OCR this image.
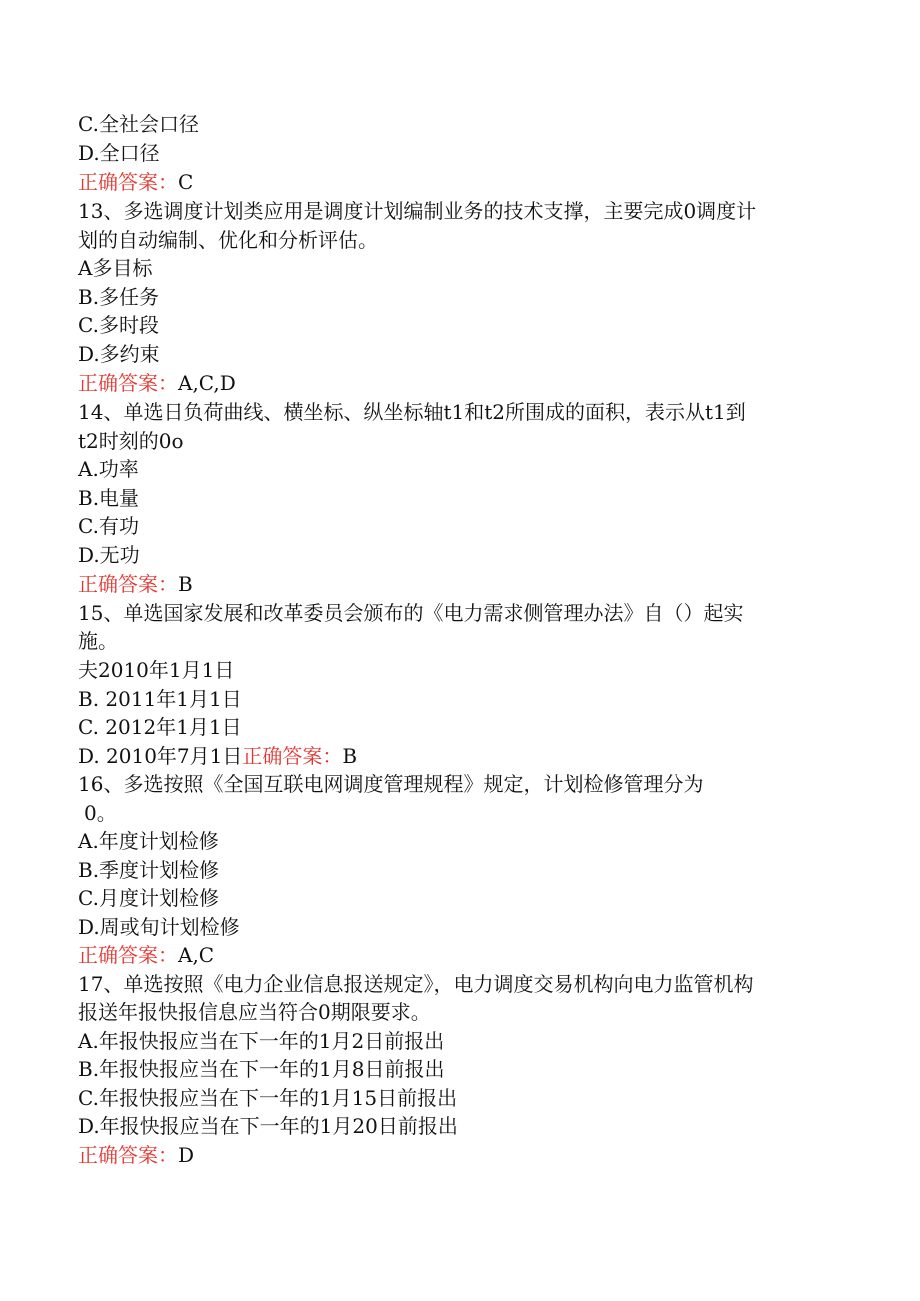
C.全社会口径
D.全口径
正确答案：C
13、多选调度计划类应用是调度计划编制业务的技术支撑，主要完成0调度计
划的自动编制、优化和分析评估。
A多目标
B.多任务
C.多时段
D.多约束
正确答案：A,C,D
14、单选日负荷曲线、横坐标、纵坐标轴t1和t2所围成的面积，表示从t1到
t2时刻的0o
A.功率
B.电量
C.有功
D.无功
正确答案：B
15、单选国家发展和改革委员会颁布的《电力需求侧管理办法》自（）起实
施。
夫2010年1月1日
B. 2011年1月1日
C. 2012年1月1日
D. 2010年7月1日正确答案：B
16、多选按照《全国互联电网调度管理规程》规定，计划检修管理分为
0。
A.年度计划检修
B.季度计划检修
C.月度计划检修
D.周或旬计划检修
正确答案：A,C
17、单选按照《电力企业信息报送规定》，电力调度交易机构向电力监管机构
报送年报快报信息应当符合0期限要求。
A.年报快报应当在下一年的1月2日前报出
B.年报快报应当在下一年的1月8日前报出
C.年报快报应当在下一年的1月15日前报出
D.年报快报应当在下一年的1月20日前报出
正确答案：D
